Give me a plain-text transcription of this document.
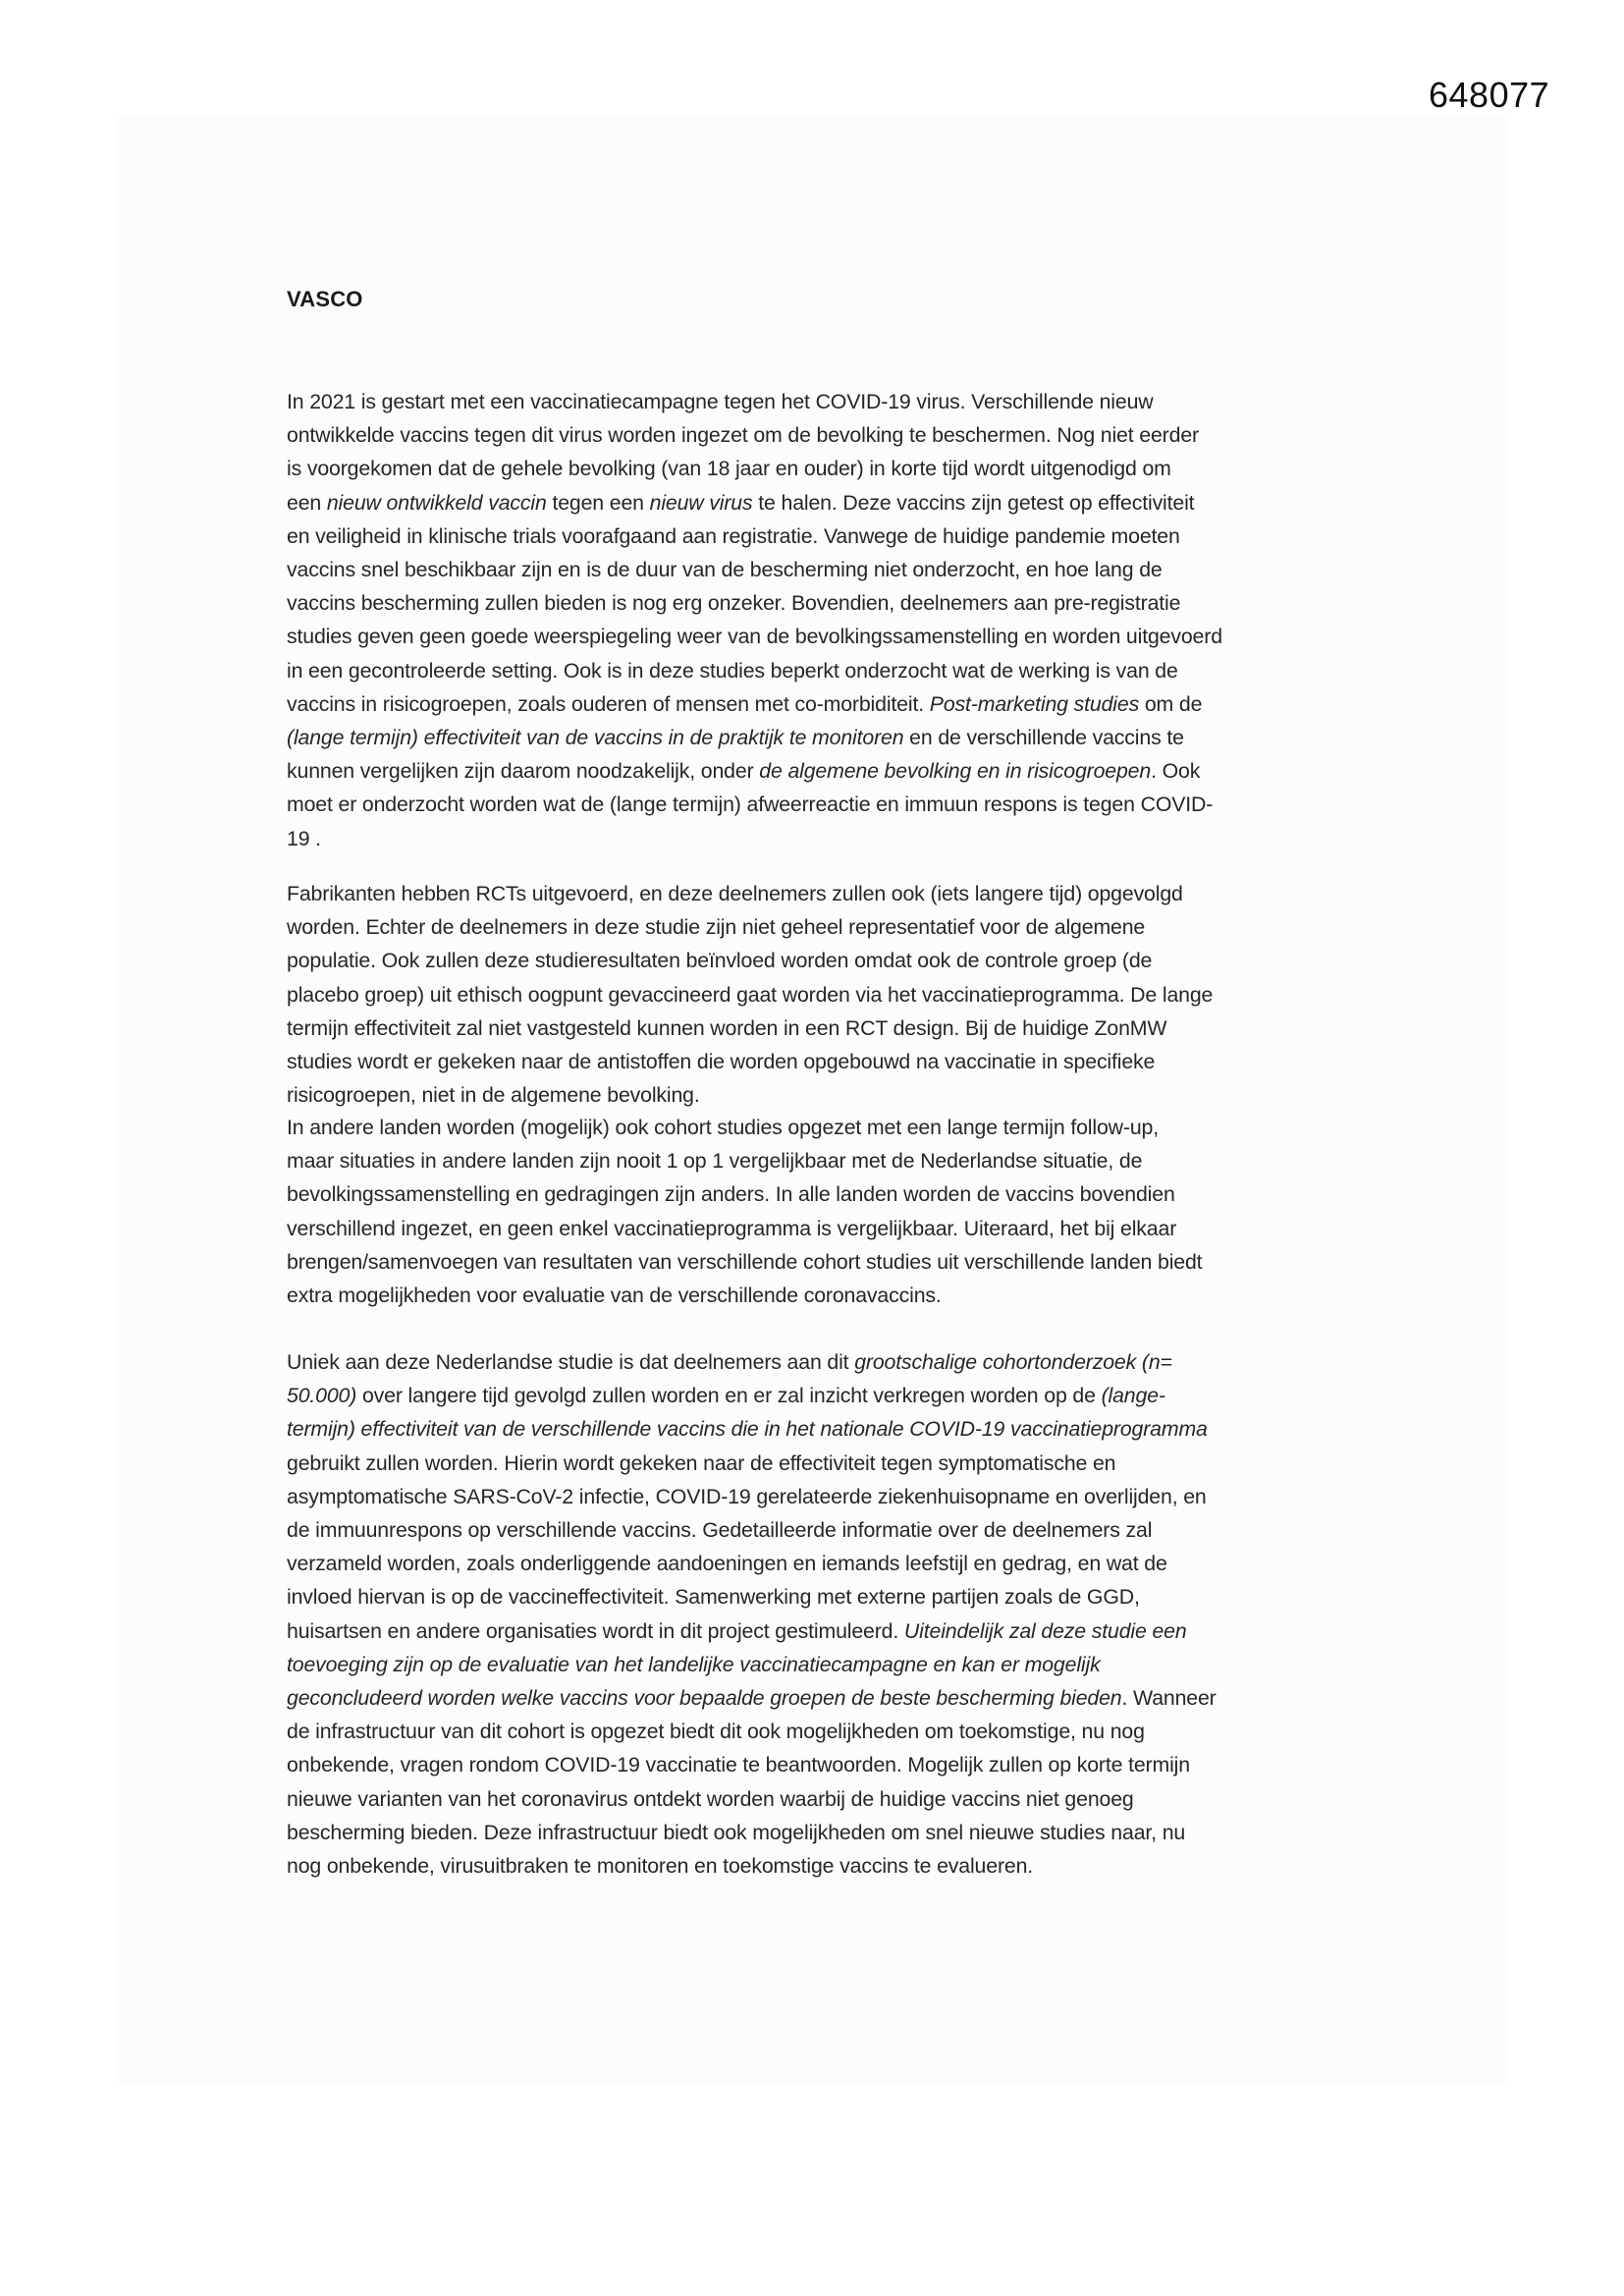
648077
VASCO

In 2021 is gestart met een vaccinatiecampagne tegen het COVID-19 virus. Verschillende nieuw
ontwikkelde vaccins tegen dit virus worden ingezet om de bevolking te beschermen. Nog niet eerder
is voorgekomen dat de gehele bevolking (van 18 jaar en ouder) in korte tijd wordt uitgenodigd om
een nieuw ontwikkeld vaccin tegen een nieuw virus te halen. Deze vaccins zijn getest op effectiviteit
en veiligheid in klinische trials voorafgaand aan registratie. Vanwege de huidige pandemie moeten
vaccins snel beschikbaar zijn en is de duur van de bescherming niet onderzocht, en hoe lang de
vaccins bescherming zullen bieden is nog erg onzeker. Bovendien, deelnemers aan pre-registratie
studies geven geen goede weerspiegeling weer van de bevolkingssamenstelling en worden uitgevoerd
in een gecontroleerde setting. Ook is in deze studies beperkt onderzocht wat de werking is van de
vaccins in risicogroepen, zoals ouderen of mensen met co-morbiditeit. Post-marketing studies om de
(lange termijn) effectiviteit van de vaccins in de praktijk te monitoren en de verschillende vaccins te
kunnen vergelijken zijn daarom noodzakelijk, onder de algemene bevolking en in risicogroepen. Ook
moet er onderzocht worden wat de (lange termijn) afweerreactie en immuun respons is tegen COVID-
19 .

Fabrikanten hebben RCTs uitgevoerd, en deze deelnemers zullen ook (iets langere tijd) opgevolgd
worden. Echter de deelnemers in deze studie zijn niet geheel representatief voor de algemene
populatie. Ook zullen deze studieresultaten beïnvloed worden omdat ook de controle groep (de
placebo groep) uit ethisch oogpunt gevaccineerd gaat worden via het vaccinatieprogramma. De lange
termijn effectiviteit zal niet vastgesteld kunnen worden in een RCT design. Bij de huidige ZonMW
studies wordt er gekeken naar de antistoffen die worden opgebouwd na vaccinatie in specifieke
risicogroepen, niet in de algemene bevolking.

In andere landen worden (mogelijk) ook cohort studies opgezet met een lange termijn follow-up,
maar situaties in andere landen zijn nooit 1 op 1 vergelijkbaar met de Nederlandse situatie, de
bevolkingssamenstelling en gedragingen zijn anders. In alle landen worden de vaccins bovendien
verschillend ingezet, en geen enkel vaccinatieprogramma is vergelijkbaar. Uiteraard, het bij elkaar
brengen/samenvoegen van resultaten van verschillende cohort studies uit verschillende landen biedt
extra mogelijkheden voor evaluatie van de verschillende coronavaccins.

Uniek aan deze Nederlandse studie is dat deelnemers aan dit grootschalige cohortonderzoek (n=
50.000) over langere tijd gevolgd zullen worden en er zal inzicht verkregen worden op de (lange-
termijn) effectiviteit van de verschillende vaccins die in het nationale COVID-19 vaccinatieprogramma
gebruikt zullen worden. Hierin wordt gekeken naar de effectiviteit tegen symptomatische en
asymptomatische SARS-CoV-2 infectie, COVID-19 gerelateerde ziekenhuisopname en overlijden, en
de immuunrespons op verschillende vaccins. Gedetailleerde informatie over de deelnemers zal
verzameld worden, zoals onderliggende aandoeningen en iemands leefstijl en gedrag, en wat de
invloed hiervan is op de vaccineffectiviteit. Samenwerking met externe partijen zoals de GGD,
huisartsen en andere organisaties wordt in dit project gestimuleerd. Uiteindelijk zal deze studie een
toevoeging zijn op de evaluatie van het landelijke vaccinatiecampagne en kan er mogelijk
geconcludeerd worden welke vaccins voor bepaalde groepen de beste bescherming bieden. Wanneer
de infrastructuur van dit cohort is opgezet biedt dit ook mogelijkheden om toekomstige, nu nog
onbekende, vragen rondom COVID-19 vaccinatie te beantwoorden. Mogelijk zullen op korte termijn
nieuwe varianten van het coronavirus ontdekt worden waarbij de huidige vaccins niet genoeg
bescherming bieden. Deze infrastructuur biedt ook mogelijkheden om snel nieuwe studies naar, nu
nog onbekende, virusuitbraken te monitoren en toekomstige vaccins te evalueren.
